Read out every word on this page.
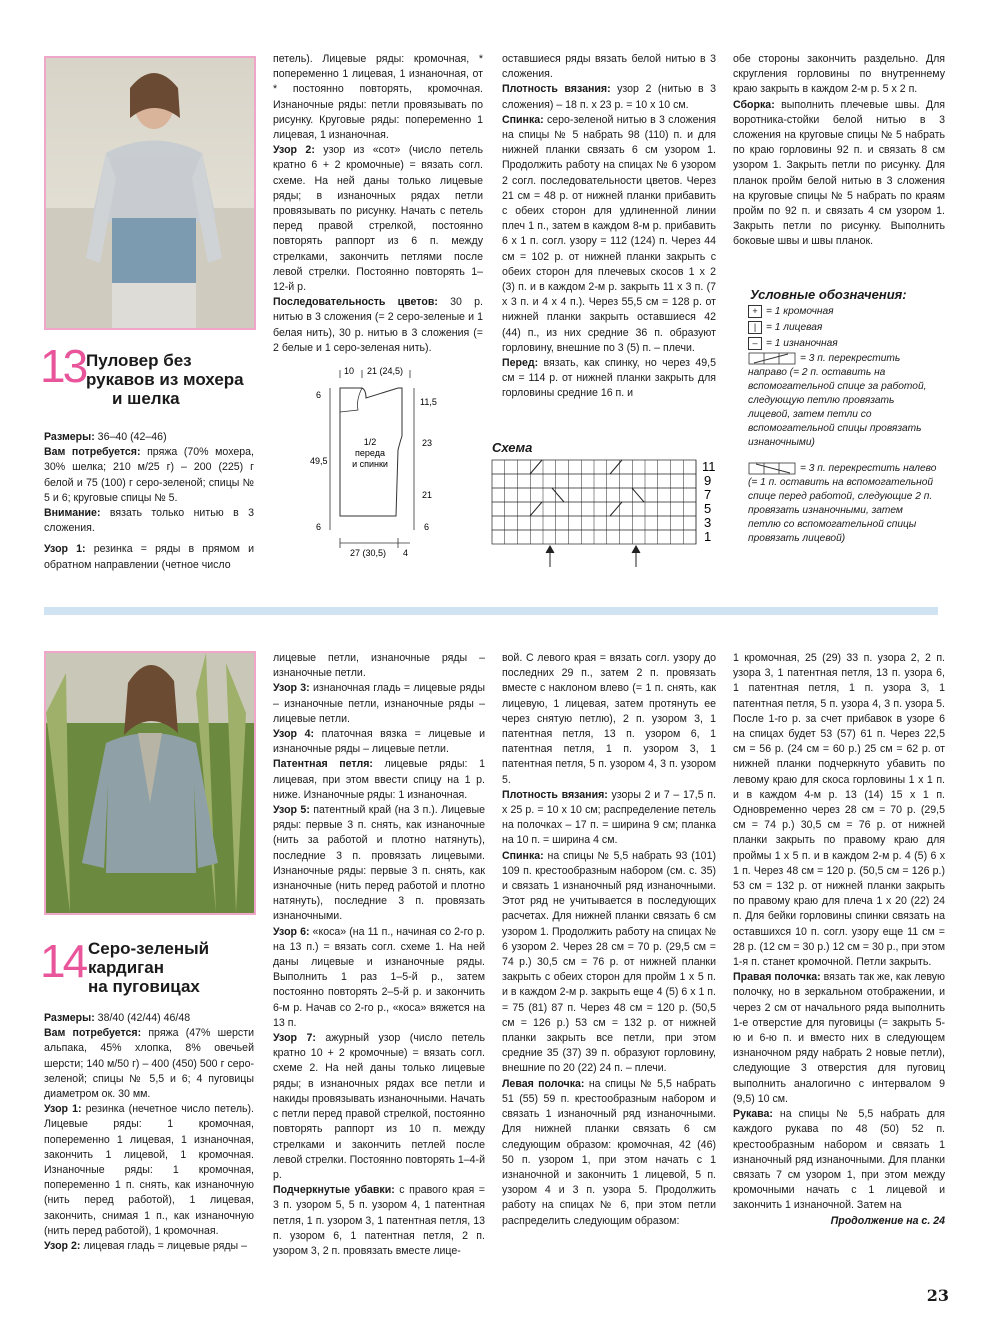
13 Пуловер без
рукавов из мохера
и шелка

Размеры: 36–40 (42–46)

Вам потребуется: пряжа (70% мохера, 30% шелка; 210 м/25 г) – 200 (225) г белой и 75 (100) г серо-зеленой; спицы № 5 и 6; круговые спицы № 5.

Внимание: вязать только нитью в 3 сложения.

Узор 1: резинка = ряды в прямом и обратном направлении (четное число

петель). Лицевые ряды: кромочная, * попеременно 1 лицевая, 1 изнаночная, от * постоянно повторять, кромочная. Изнаночные ряды: петли провязывать по рисунку. Круговые ряды: попеременно 1 лицевая, 1 изнаночная.

Узор 2: узор из «сот» (число петель кратно 6 + 2 кромочные) = вязать согл. схеме. На ней даны только лицевые ряды; в изнаночных рядах петли провязывать по рисунку. Начать с петель перед правой стрелкой, постоянно повторять раппорт из 6 п. между стрелками, закончить петлями после левой стрелки. Постоянно повторять 1–12-й р.

Последовательность цветов: 30 р. нитью в 3 сложения (= 2 серо-зеленые и 1 белая нить), 30 р. нитью в 3 сложения (= 2 белые и 1 серо-зеленая нить).

10 21 (24,5)
1/2
переда
и спинки
6
49,5
6
11,5
23
21
6
27 (30,5) 4

оставшиеся ряды вязать белой нитью в 3 сложения.

Плотность вязания: узор 2 (нитью в 3 сложения) – 18 п. х 23 р. = 10 х 10 см.

Спинка: серо-зеленой нитью в 3 сложения на спицы № 5 набрать 98 (110) п. и для нижней планки связать 6 см узором 1. Продолжить работу на спицах № 6 узором 2 согл. последовательности цветов. Через 21 см = 48 р. от нижней планки прибавить с обеих сторон для удлиненной линии плеч 1 п., затем в каждом 8-м р. прибавить 6 х 1 п. согл. узору = 112 (124) п. Через 44 см = 102 р. от нижней планки закрыть с обеих сторон для плечевых скосов 1 х 2 (3) п. и в каждом 2-м р. закрыть 11 х 3 п. (7 х 3 п. и 4 х 4 п.). Через 55,5 см = 128 р. от нижней планки закрыть оставшиеся 42 (44) п., из них средние 36 п. образуют горловину, внешние по 3 (5) п. – плечи.

Перед: вязать, как спинку, но через 49,5 см = 114 р. от нижней планки закрыть для горловины средние 16 п. и

Схема
11
9
7
5
3
1

обе стороны закончить раздельно. Для скругления горловины по внутреннему краю закрыть в каждом 2-м р. 5 х 2 п.

Сборка: выполнить плечевые швы. Для воротника-стойки белой нитью в 3 сложения на круговые спицы № 5 набрать по краю горловины 92 п. и связать 8 см узором 1. Закрыть петли по рисунку. Для планок пройм белой нитью в 3 сложения на круговые спицы № 5 набрать по краям пройм по 92 п. и связать 4 см узором 1. Закрыть петли по рисунку. Выполнить боковые швы и швы планок.

Условные обозначения:
+ = 1 кромочная
| = 1 лицевая
– = 1 изнаночная
= 3 п. перекрестить направо (= 2 п. оставить на вспомогательной спице за работой, следующую петлю провязать лицевой, затем петли со вспомогательной спицы провязать изнаночными)
= 3 п. перекрестить налево (= 1 п. оставить на вспомогательной спице перед работой, следующие 2 п. провязать изнаночными, затем петлю со вспомогательной спицы провязать лицевой)
14 Серо-зеленый
кардиган
на пуговицах

Размеры: 38/40 (42/44) 46/48

Вам потребуется: пряжа (47% шерсти альпака, 45% хлопка, 8% овечьей шерсти; 140 м/50 г) – 400 (450) 500 г серо-зеленой; спицы № 5,5 и 6; 4 пуговицы диаметром ок. 30 мм.

Узор 1: резинка (нечетное число петель). Лицевые ряды: 1 кромочная, попеременно 1 лицевая, 1 изнаночная, закончить 1 лицевой, 1 кромочная. Изнаночные ряды: 1 кромочная, попеременно 1 п. снять, как изнаночную (нить перед работой), 1 лицевая, закончить, снимая 1 п., как изнаночную (нить перед работой), 1 кромочная.

Узор 2: лицевая гладь = лицевые ряды –

лицевые петли, изнаночные ряды – изнаночные петли.

Узор 3: изнаночная гладь = лицевые ряды – изнаночные петли, изнаночные ряды – лицевые петли.

Узор 4: платочная вязка = лицевые и изнаночные ряды – лицевые петли.

Патентная петля: лицевые ряды: 1 лицевая, при этом ввести спицу на 1 р. ниже. Изнаночные ряды: 1 изнаночная.

Узор 5: патентный край (на 3 п.). Лицевые ряды: первые 3 п. снять, как изнаночные (нить за работой и плотно натянуть), последние 3 п. провязать лицевыми. Изнаночные ряды: первые 3 п. снять, как изнаночные (нить перед работой и плотно натянуть), последние 3 п. провязать изнаночными.

Узор 6: «коса» (на 11 п., начиная со 2-го р. на 13 п.) = вязать согл. схеме 1. На ней даны лицевые и изнаночные ряды. Выполнить 1 раз 1–5-й р., затем постоянно повторять 2–5-й р. и закончить 6-м р. Начав со 2-го р., «коса» вяжется на 13 п.

Узор 7: ажурный узор (число петель кратно 10 + 2 кромочные) = вязать согл. схеме 2. На ней даны только лицевые ряды; в изнаночных рядах все петли и накиды провязывать изнаночными. Начать с петли перед правой стрелкой, постоянно повторять раппорт из 10 п. между стрелками и закончить петлей после левой стрелки. Постоянно повторять 1–4-й р.

Подчеркнутые убавки: с правого края = 3 п. узором 5, 5 п. узором 4, 1 патентная петля, 1 п. узором 3, 1 патентная петля, 13 п. узором 6, 1 патентная петля, 2 п. узором 3, 2 п. провязать вместе лице-

вой. С левого края = вязать согл. узору до последних 29 п., затем 2 п. провязать вместе с наклоном влево (= 1 п. снять, как лицевую, 1 лицевая, затем протянуть ее через снятую петлю), 2 п. узором 3, 1 патентная петля, 13 п. узором 6, 1 патентная петля, 1 п. узором 3, 1 патентная петля, 5 п. узором 4, 3 п. узором 5.

Плотность вязания: узоры 2 и 7 – 17,5 п. х 25 р. = 10 х 10 см; распределение петель на полочках – 17 п. = ширина 9 см; планка на 10 п. = ширина 4 см.

Спинка: на спицы № 5,5 набрать 93 (101) 109 п. крестообразным набором (см. с. 35) и связать 1 изнаночный ряд изнаночными. Этот ряд не учитывается в последующих расчетах. Для нижней планки связать 6 см узором 1. Продолжить работу на спицах № 6 узором 2. Через 28 см = 70 р. (29,5 см = 74 р.) 30,5 см = 76 р. от нижней планки закрыть с обеих сторон для пройм 1 х 5 п. и в каждом 2-м р. закрыть еще 4 (5) 6 х 1 п. = 75 (81) 87 п. Через 48 см = 120 р. (50,5 см = 126 р.) 53 см = 132 р. от нижней планки закрыть все петли, при этом средние 35 (37) 39 п. образуют горловину, внешние по 20 (22) 24 п. – плечи.

Левая полочка: на спицы № 5,5 набрать 51 (55) 59 п. крестообразным набором и связать 1 изнаночный ряд изнаночными. Для нижней планки связать 6 см следующим образом: кромочная, 42 (46) 50 п. узором 1, при этом начать с 1 изнаночной и закончить 1 лицевой, 5 п. узором 4 и 3 п. узора 5. Продолжить работу на спицах № 6, при этом петли распределить следующим образом:

1 кромочная, 25 (29) 33 п. узора 2, 2 п. узора 3, 1 патентная петля, 13 п. узора 6, 1 патентная петля, 1 п. узора 3, 1 патентная петля, 5 п. узора 4, 3 п. узора 5. После 1-го р. за счет прибавок в узоре 6 на спицах будет 53 (57) 61 п. Через 22,5 см = 56 р. (24 см = 60 р.) 25 см = 62 р. от нижней планки подчеркнуто убавить по левому краю для скоса горловины 1 х 1 п. и в каждом 4-м р. 13 (14) 15 х 1 п. Одновременно через 28 см = 70 р. (29,5 см = 74 р.) 30,5 см = 76 р. от нижней планки закрыть по правому краю для проймы 1 х 5 п. и в каждом 2-м р. 4 (5) 6 х 1 п. Через 48 см = 120 р. (50,5 см = 126 р.) 53 см = 132 р. от нижней планки закрыть по правому краю для плеча 1 х 20 (22) 24 п. Для бейки горловины спинки связать на оставшихся 10 п. согл. узору еще 11 см = 28 р. (12 см = 30 р.) 12 см = 30 р., при этом 1-я п. станет кромочной. Петли закрыть.

Правая полочка: вязать так же, как левую полочку, но в зеркальном отображении, и через 2 см от начального ряда выполнить 1-е отверстие для пуговицы (= закрыть 5-ю и 6-ю п. и вместо них в следующем изнаночном ряду набрать 2 новые петли), следующие 3 отверстия для пуговиц выполнить аналогично с интервалом 9 (9,5) 10 см.

Рукава: на спицы № 5,5 набрать для каждого рукава по 48 (50) 52 п. крестообразным набором и связать 1 изнаночный ряд изнаночными. Для планки связать 7 см узором 1, при этом между кромочными начать с 1 лицевой и закончить 1 изнаночной. Затем на

Продолжение на с. 24

23
